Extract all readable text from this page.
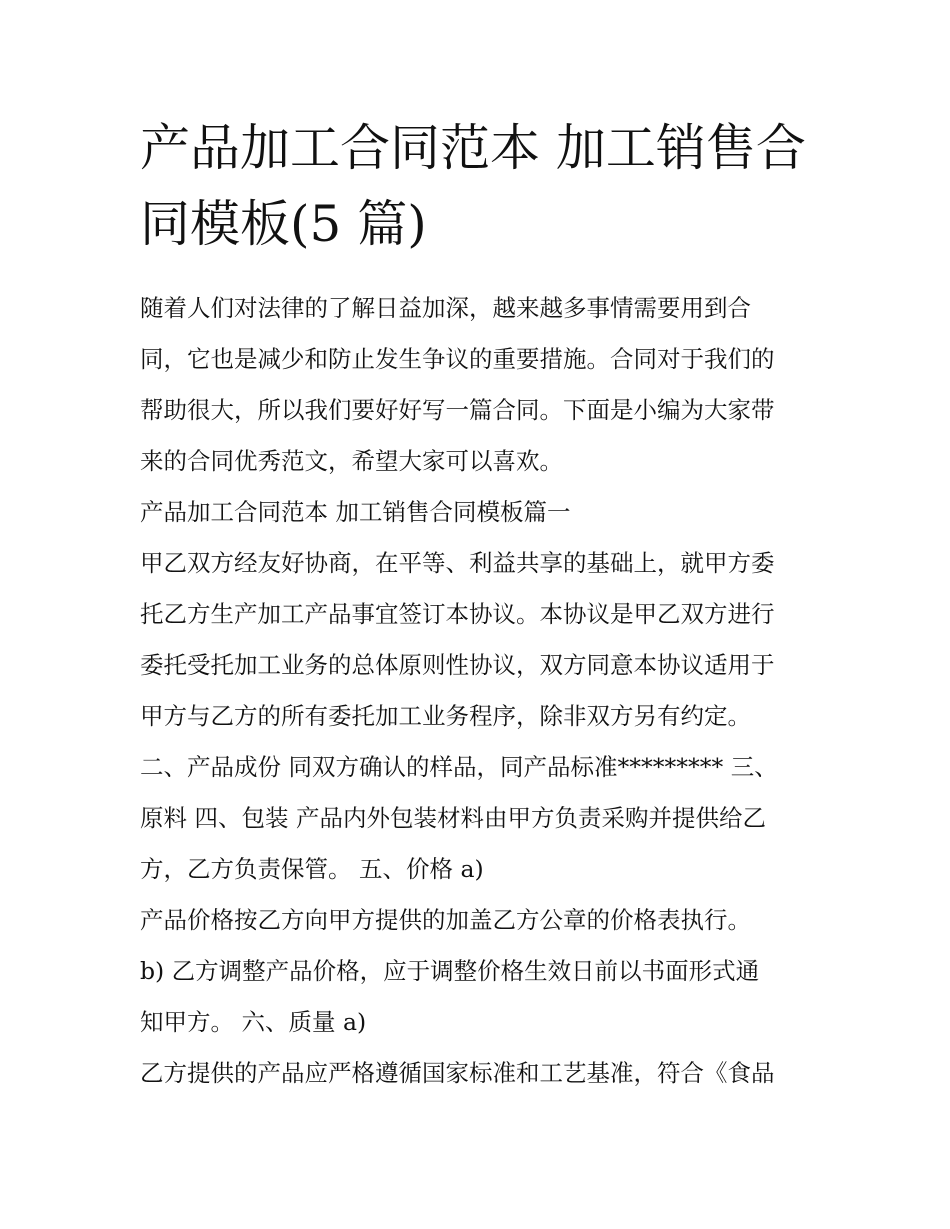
产品加工合同范本 加工销售合
同模板(5 篇)
随着人们对法律的了解日益加深，越来越多事情需要用到合
同，它也是减少和防止发生争议的重要措施。合同对于我们的
帮助很大，所以我们要好好写一篇合同。下面是小编为大家带
来的合同优秀范文，希望大家可以喜欢。
产品加工合同范本 加工销售合同模板篇一
甲乙双方经友好协商，在平等、利益共享的基础上，就甲方委
托乙方生产加工产品事宜签订本协议。本协议是甲乙双方进行
委托受托加工业务的总体原则性协议，双方同意本协议适用于
甲方与乙方的所有委托加工业务程序，除非双方另有约定。
二、产品成份 同双方确认的样品，同产品标准********* 三、
原料 四、包装 产品内外包装材料由甲方负责采购并提供给乙
方，乙方负责保管。 五、价格 a)
产品价格按乙方向甲方提供的加盖乙方公章的价格表执行。
b) 乙方调整产品价格，应于调整价格生效日前以书面形式通
知甲方。 六、质量 a)
乙方提供的产品应严格遵循国家标准和工艺基准，符合《食品
